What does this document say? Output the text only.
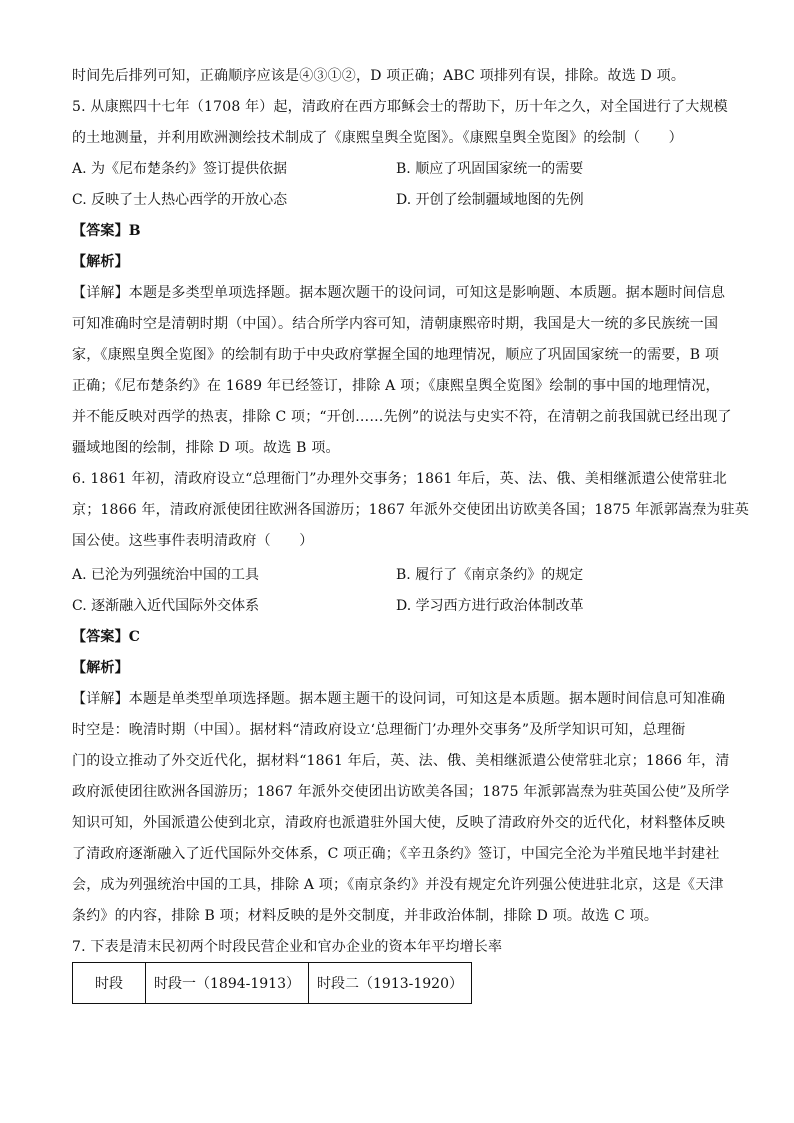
时间先后排列可知，正确顺序应该是④③①②，D 项正确；ABC 项排列有误，排除。故选 D 项。
5. 从康熙四十七年（1708 年）起，清政府在西方耶稣会士的帮助下，历十年之久，对全国进行了大规模
的土地测量，并利用欧洲测绘技术制成了《康熙皇舆全览图》。《康熙皇舆全览图》的绘制（　　）
A. 为《尼布楚条约》签订提供依据	B. 顺应了巩固国家统一的需要
C. 反映了士人热心西学的开放心态	D. 开创了绘制疆域地图的先例
【答案】B
【解析】
【详解】本题是多类型单项选择题。据本题次题干的设问词，可知这是影响题、本质题。据本题时间信息
可知准确时空是清朝时期（中国）。结合所学内容可知，清朝康熙帝时期，我国是大一统的多民族统一国
家，《康熙皇舆全览图》的绘制有助于中央政府掌握全国的地理情况，顺应了巩固国家统一的需要，B 项
正确；《尼布楚条约》在 1689 年已经签订，排除 A 项；《康熙皇舆全览图》绘制的事中国的地理情况，
并不能反映对西学的热衷，排除 C 项；“开创……先例”的说法与史实不符，在清朝之前我国就已经出现了
疆域地图的绘制，排除 D 项。故选 B 项。
6. 1861 年初，清政府设立“总理衙门”办理外交事务；1861 年后，英、法、俄、美相继派遣公使常驻北
京；1866 年，清政府派使团往欧洲各国游历；1867 年派外交使团出访欧美各国；1875 年派郭嵩焘为驻英
国公使。这些事件表明清政府（　　）
A. 已沦为列强统治中国的工具	B. 履行了《南京条约》的规定
C. 逐渐融入近代国际外交体系	D. 学习西方进行政治体制改革
【答案】C
【解析】
【详解】本题是单类型单项选择题。据本题主题干的设问词，可知这是本质题。据本题时间信息可知准确
时空是：晚清时期（中国）。据材料“清政府设立‘总理衙门’办理外交事务”及所学知识可知，总理衙
门的设立推动了外交近代化，据材料“1861 年后，英、法、俄、美相继派遣公使常驻北京；1866 年，清
政府派使团往欧洲各国游历；1867 年派外交使团出访欧美各国；1875 年派郭嵩焘为驻英国公使”及所学
知识可知，外国派遣公使到北京，清政府也派遣驻外国大使，反映了清政府外交的近代化，材料整体反映
了清政府逐渐融入了近代国际外交体系，C 项正确；《辛丑条约》签订，中国完全沦为半殖民地半封建社
会，成为列强统治中国的工具，排除 A 项；《南京条约》并没有规定允许列强公使进驻北京，这是《天津
条约》的内容，排除 B 项；材料反映的是外交制度，并非政治体制，排除 D 项。故选 C 项。
7. 下表是清末民初两个时段民营企业和官办企业的资本年平均增长率
时段	时段一（1894-1913）	时段二（1913-1920）
